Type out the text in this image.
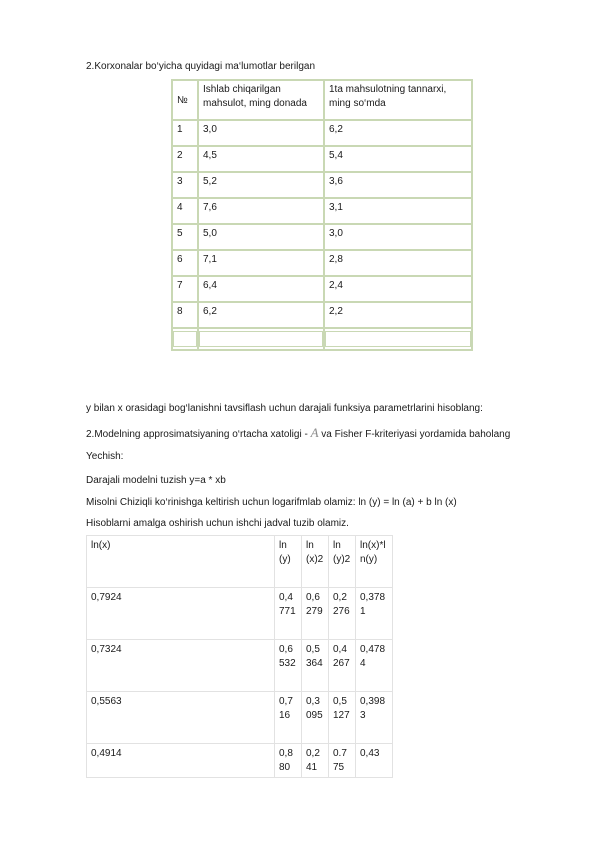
2.Korxonalar bo‘yicha quyidagi ma‘lumotlar berilgan
№	Ishlab chiqarilgan mahsulot, ming donada	1ta mahsulotning tannarxi, ming so‘mda
1	3,0	6,2
2	4,5	5,4
3	5,2	3,6
4	7,6	3,1
5	5,0	3,0
6	7,1	2,8
7	6,4	2,4
8	6,2	2,2

y bilan x orasidagi bog‘lanishni tavsiflash uchun darajali funksiya parametrlarini hisoblang:
2.Modelning approsimatsiyaning o‘rtacha xatoligi - A va Fisher F-kriteriyasi yordamida baholang
Yechish:
Darajali modelni tuzish y=a * xb
Misolni Chiziqli ko‘rinishga keltirish uchun logarifmlab olamiz: ln (y) = ln (a) + b ln (x)
Hisoblarni amalga oshirish uchun ishchi jadval tuzib olamiz.
ln(x)	ln(y)	ln(x)2	ln(y)2	ln(x)*ln(y)
0,7924	0,4771	0,6279	0,2276	0,3781
0,7324	0,6532	0,5364	0,4267	0,4784
0,5563	0,716	0,3095	0,5127	0,3983
0,4914	0,880	0,241	0.775	0,43
